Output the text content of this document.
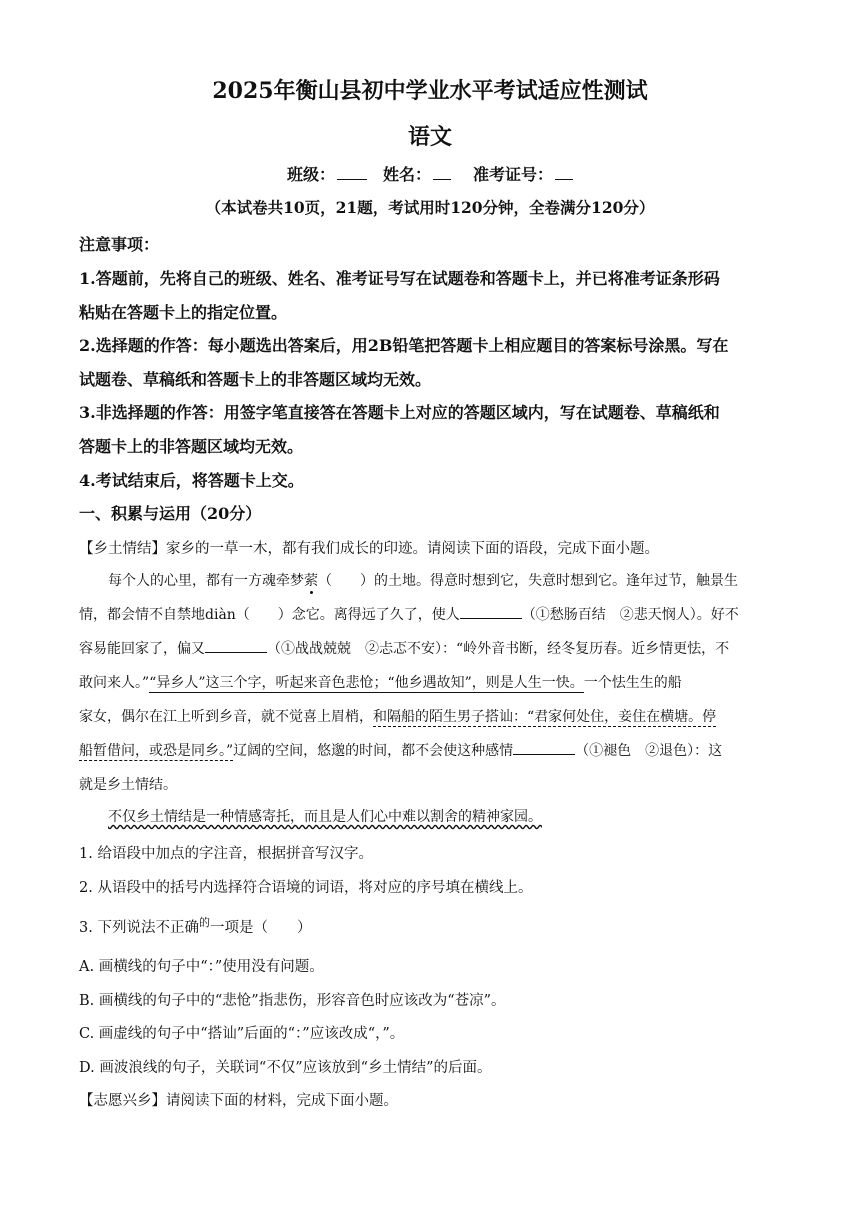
2025年衡山县初中学业水平考试适应性测试
语文
班级：	姓名：	准考证号：
（本试卷共10页，21题，考试用时120分钟，全卷满分120分）
注意事项：
1.答题前，先将自己的班级、姓名、准考证号写在试题卷和答题卡上，并已将准考证条形码
粘贴在答题卡上的指定位置。
2.选择题的作答：每小题选出答案后，用2B铅笔把答题卡上相应题目的答案标号涂黑。写在
试题卷、草稿纸和答题卡上的非答题区域均无效。
3.非选择题的作答：用签字笔直接答在答题卡上对应的答题区域内，写在试题卷、草稿纸和
答题卡上的非答题区域均无效。
4.考试结束后，将答题卡上交。
一、积累与运用（20分）
【乡土情结】家乡的一草一木，都有我们成长的印迹。请阅读下面的语段，完成下面小题。
每个人的心里，都有一方魂牵梦萦（　　）的土地。得意时想到它，失意时想到它。逢年过节，触景生
情，都会情不自禁地diàn（　　）念它。离得远了久了，使人	（①愁肠百结　②悲天悯人）。好不
容易能回家了，偏又	（①战战兢兢　②忐忑不安）：“岭外音书断，经冬复历春。近乡情更怯，不
敢问来人。”“异乡人”这三个字，听起来音色悲怆；“他乡遇故知”，则是人生一快。一个怯生生的船
家女，偶尔在江上听到乡音，就不觉喜上眉梢，和隔船的陌生男子搭讪：“君家何处住，妾住在横塘。停
船暂借问，或恐是同乡。”辽阔的空间，悠邈的时间，都不会使这种感情	（①褪色　②退色）：这
就是乡土情结。
不仅乡土情结是一种情感寄托，而且是人们心中难以割舍的精神家园。
1. 给语段中加点的字注音，根据拼音写汉字。
2. 从语段中的括号内选择符合语境的词语，将对应的序号填在横线上。
3. 下列说法不正确$^的$一项是（　　）
A. 画横线的句子中“：”使用没有问题。
B. 画横线的句子中的“悲怆”指悲伤，形容音色时应该改为“苍凉”。
C. 画虚线的句子中“搭讪”后面的“：”应该改成“，”。
D. 画波浪线的句子，关联词“不仅”应该放到“乡土情结”的后面。
【志愿兴乡】请阅读下面的材料，完成下面小题。
